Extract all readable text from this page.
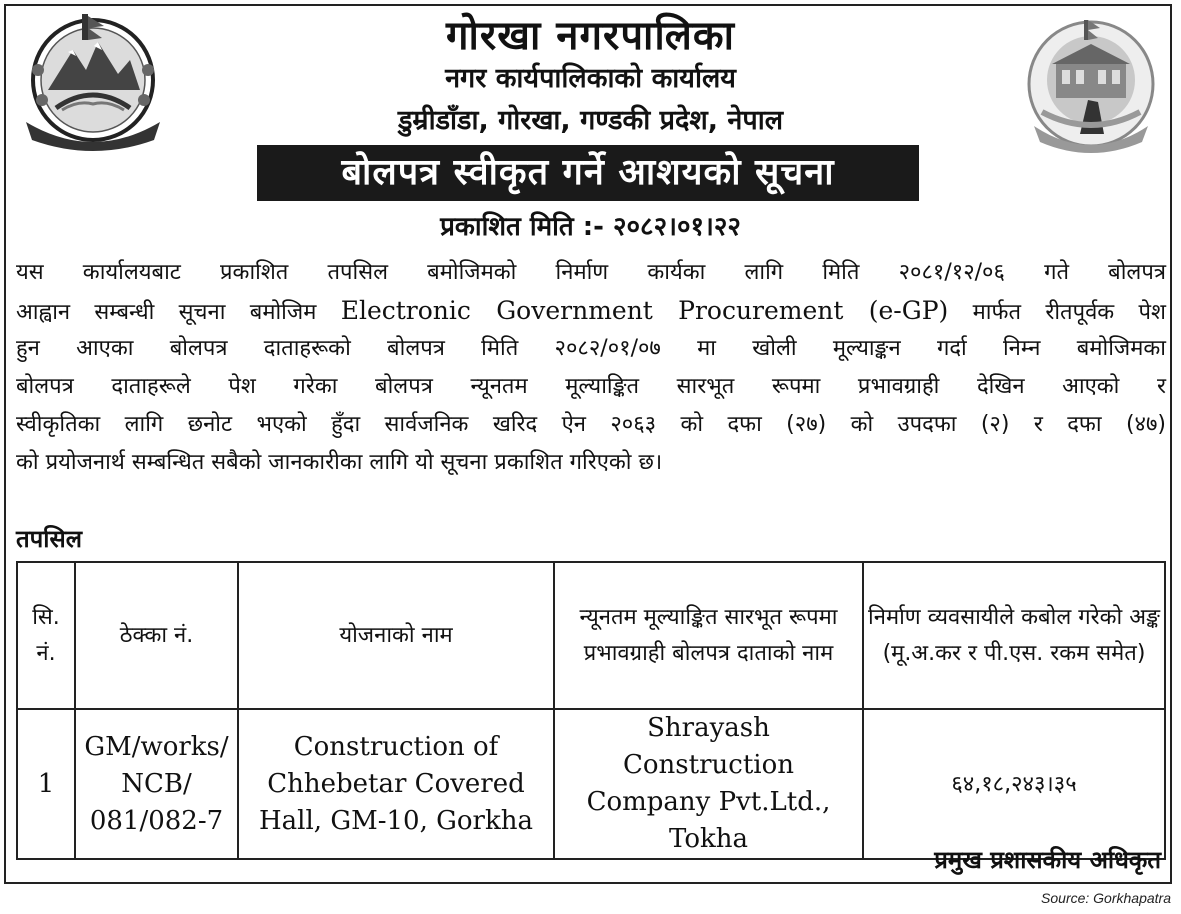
गोरखा नगरपालिका
नगर कार्यपालिकाको कार्यालय
डुम्रीडाँडा, गोरखा, गण्डकी प्रदेश, नेपाल
बोलपत्र स्वीकृत गर्ने आशयको सूचना
प्रकाशित मिति :- २०८२।०१।२२
यस कार्यालयबाट प्रकाशित तपसिल बमोजिमको निर्माण कार्यका लागि मिति २०८१/१२/०६ गते बोलपत्र
आह्वान सम्बन्धी सूचना बमोजिम Electronic Government Procurement (e-GP) मार्फत रीतपूर्वक पेश
हुन आएका बोलपत्र दाताहरूको बोलपत्र मिति २०८२/०१/०७ मा खोली मूल्याङ्कन गर्दा निम्न बमोजिमका
बोलपत्र दाताहरूले पेश गरेका बोलपत्र न्यूनतम मूल्याङ्कित सारभूत रूपमा प्रभावग्राही देखिन आएको र
स्वीकृतिका लागि छनोट भएको हुँदा सार्वजनिक खरिद ऐन २०६३ को दफा (२७) को उपदफा (२) र दफा (४७)
को प्रयोजनार्थ सम्बन्धित सबैको जानकारीका लागि यो सूचना प्रकाशित गरिएको छ।
तपसिल
सि. नं.	ठेक्का नं.	योजनाको नाम	न्यूनतम मूल्याङ्कित सारभूत रूपमा प्रभावग्राही बोलपत्र दाताको नाम	निर्माण व्यवसायीले कबोल गरेको अङ्क (मू.अ.कर र पी.एस. रकम समेत)
1	GM/works/ NCB/ 081/082-7	Construction of Chhebetar Covered Hall, GM-10, Gorkha	Shrayash Construction Company Pvt.Ltd., Tokha	६४,१८,२४३।३५
प्रमुख प्रशासकीय अधिकृत
Source: Gorkhapatra
